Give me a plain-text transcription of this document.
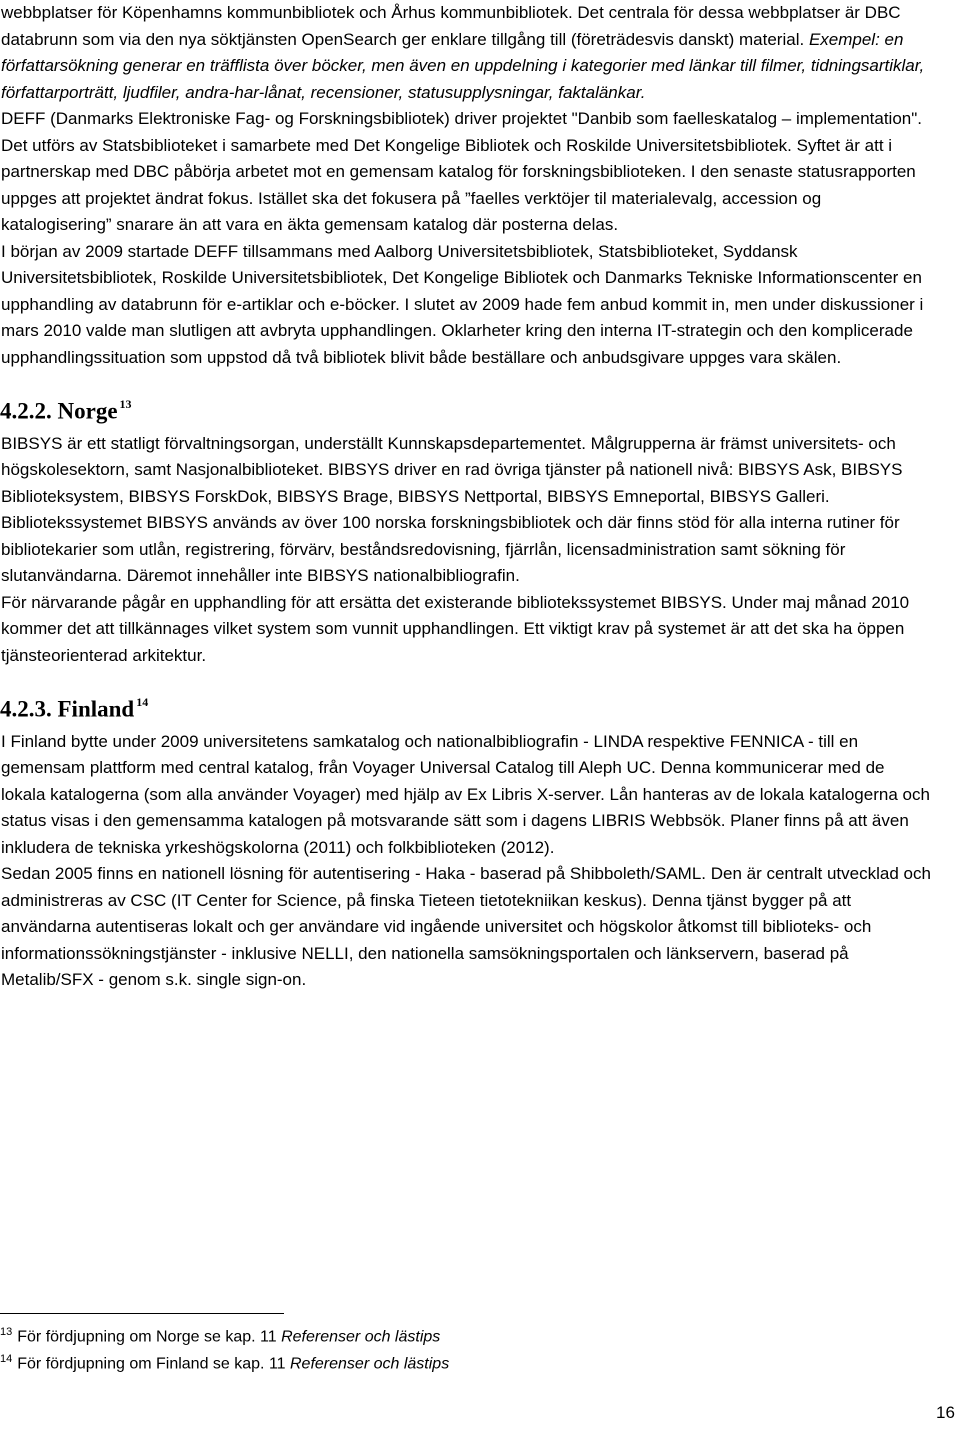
webbplatser för Köpenhamns kommunbibliotek och Århus kommunbibliotek. Det centrala för dessa webbplatser är DBC databrunn som via den nya söktjänsten OpenSearch ger enklare tillgång till (företrädesvis danskt) material. Exempel: en författarsökning generar en träfflista över böcker, men även en uppdelning i kategorier med länkar till filmer, tidningsartiklar, författarporträtt, ljudfiler, andra-har-lånat, recensioner, statusupplysningar, faktalänkar.

DEFF (Danmarks Elektroniske Fag- og Forskningsbibliotek) driver projektet "Danbib som faelleskatalog – implementation". Det utförs av Statsbiblioteket i samarbete med Det Kongelige Bibliotek och Roskilde Universitetsbibliotek. Syftet är att i partnerskap med DBC påbörja arbetet mot en gemensam katalog för forskningsbiblioteken. I den senaste statusrapporten uppges att projektet ändrat fokus. Istället ska det fokusera på ”faelles verktöjer til materialevalg, accession og katalogisering” snarare än att vara en äkta gemensam katalog där posterna delas.

I början av 2009 startade DEFF tillsammans med Aalborg Universitetsbibliotek, Statsbiblioteket, Syddansk Universitetsbibliotek, Roskilde Universitetsbibliotek, Det Kongelige Bibliotek och Danmarks Tekniske Informationscenter en upphandling av databrunn för e-artiklar och e-böcker. I slutet av 2009 hade fem anbud kommit in, men under diskussioner i mars 2010 valde man slutligen att avbryta upphandlingen. Oklarheter kring den interna IT-strategin och den komplicerade upphandlingssituation som uppstod då två bibliotek blivit både beställare och anbudsgivare uppges vara skälen.

4.2.2. Norge $^{13}$

BIBSYS är ett statligt förvaltningsorgan, underställt Kunnskapsdepartementet. Målgrupperna är främst universitets- och högskolesektorn, samt Nasjonalbiblioteket. BIBSYS driver en rad övriga tjänster på nationell nivå: BIBSYS Ask, BIBSYS Biblioteksystem, BIBSYS ForskDok, BIBSYS Brage, BIBSYS Nettportal, BIBSYS Emneportal, BIBSYS Galleri.

Bibliotekssystemet BIBSYS används av över 100 norska forskningsbibliotek och där finns stöd för alla interna rutiner för bibliotekarier som utlån, registrering, förvärv, beståndsredovisning, fjärrlån, licensadministration samt sökning för slutanvändarna. Däremot innehåller inte BIBSYS nationalbibliografin.

För närvarande pågår en upphandling för att ersätta det existerande bibliotekssystemet BIBSYS. Under maj månad 2010 kommer det att tillkännages vilket system som vunnit upphandlingen. Ett viktigt krav på systemet är att det ska ha öppen tjänsteorienterad arkitektur.

4.2.3. Finland $^{14}$

I Finland bytte under 2009 universitetens samkatalog och nationalbibliografin - LINDA respektive FENNICA - till en gemensam plattform med central katalog, från Voyager Universal Catalog till Aleph UC. Denna kommunicerar med de lokala katalogerna (som alla använder Voyager) med hjälp av Ex Libris X-server. Lån hanteras av de lokala katalogerna och status visas i den gemensamma katalogen på motsvarande sätt som i dagens LIBRIS Webbsök. Planer finns på att även inkludera de tekniska yrkeshögskolorna (2011) och folkbiblioteken (2012).

Sedan 2005 finns en nationell lösning för autentisering - Haka - baserad på Shibboleth/SAML. Den är centralt utvecklad och administreras av CSC (IT Center for Science, på finska Tieteen tietotekniikan keskus). Denna tjänst bygger på att användarna autentiseras lokalt och ger användare vid ingående universitet och högskolor åtkomst till biblioteks- och informationssökningstjänster - inklusive NELLI, den nationella samsökningsportalen och länkservern, baserad på Metalib/SFX - genom s.k. single sign-on.

$^{13}$ För fördjupning om Norge se kap. 11 Referenser och lästips

$^{14}$ För fördjupning om Finland se kap. 11 Referenser och lästips

16
